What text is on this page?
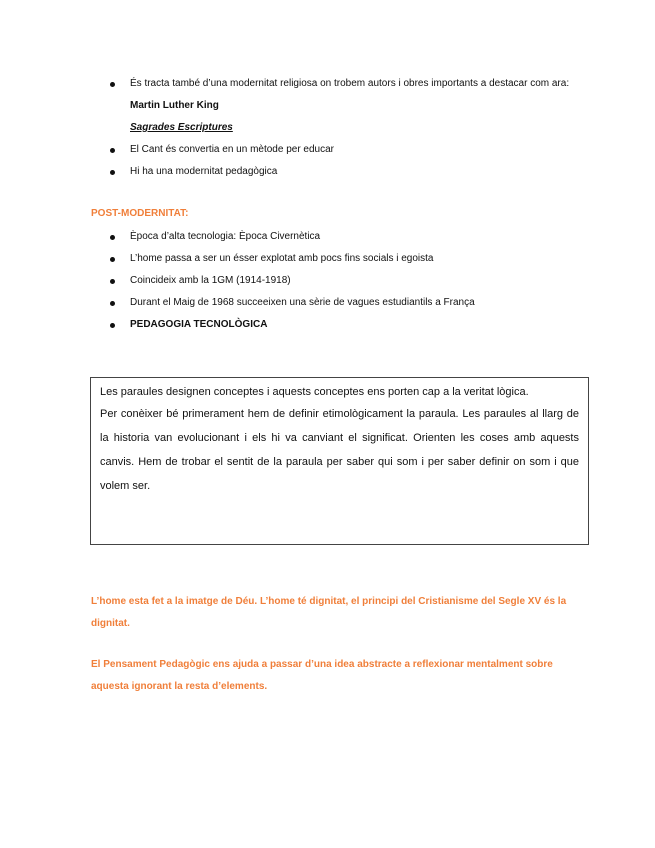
És tracta també d’una modernitat religiosa on trobem autors i obres importants a destacar com ara:
Martin Luther King
Sagrades Escriptures
El Cant és convertia en un mètode per educar
Hi ha una modernitat pedagògica
POST-MODERNITAT:
Època d’alta tecnologia: Època Civernètica
L’home passa a ser un ésser explotat amb pocs fins socials i egoista
Coincideix amb la 1GM (1914-1918)
Durant el Maig de 1968 succeeixen una sèrie de vagues estudiantils a França
PEDAGOGIA TECNOLÒGICA

Les paraules designen conceptes i aquests conceptes ens porten cap a la veritat lògica.

Per conèixer bé primerament hem de definir etimològicament la paraula. Les paraules al llarg de la historia van evolucionant i els hi va canviant el significat. Orienten les coses amb aquests canvis. Hem de trobar el sentit de la paraula per saber qui som i per saber definir on som i que volem ser.

L’home esta fet a la imatge de Déu. L’home té dignitat, el principi del Cristianisme del Segle XV és la dignitat.

El Pensament Pedagògic ens ajuda a passar d’una idea abstracte a reflexionar mentalment sobre aquesta ignorant la resta d’elements.
